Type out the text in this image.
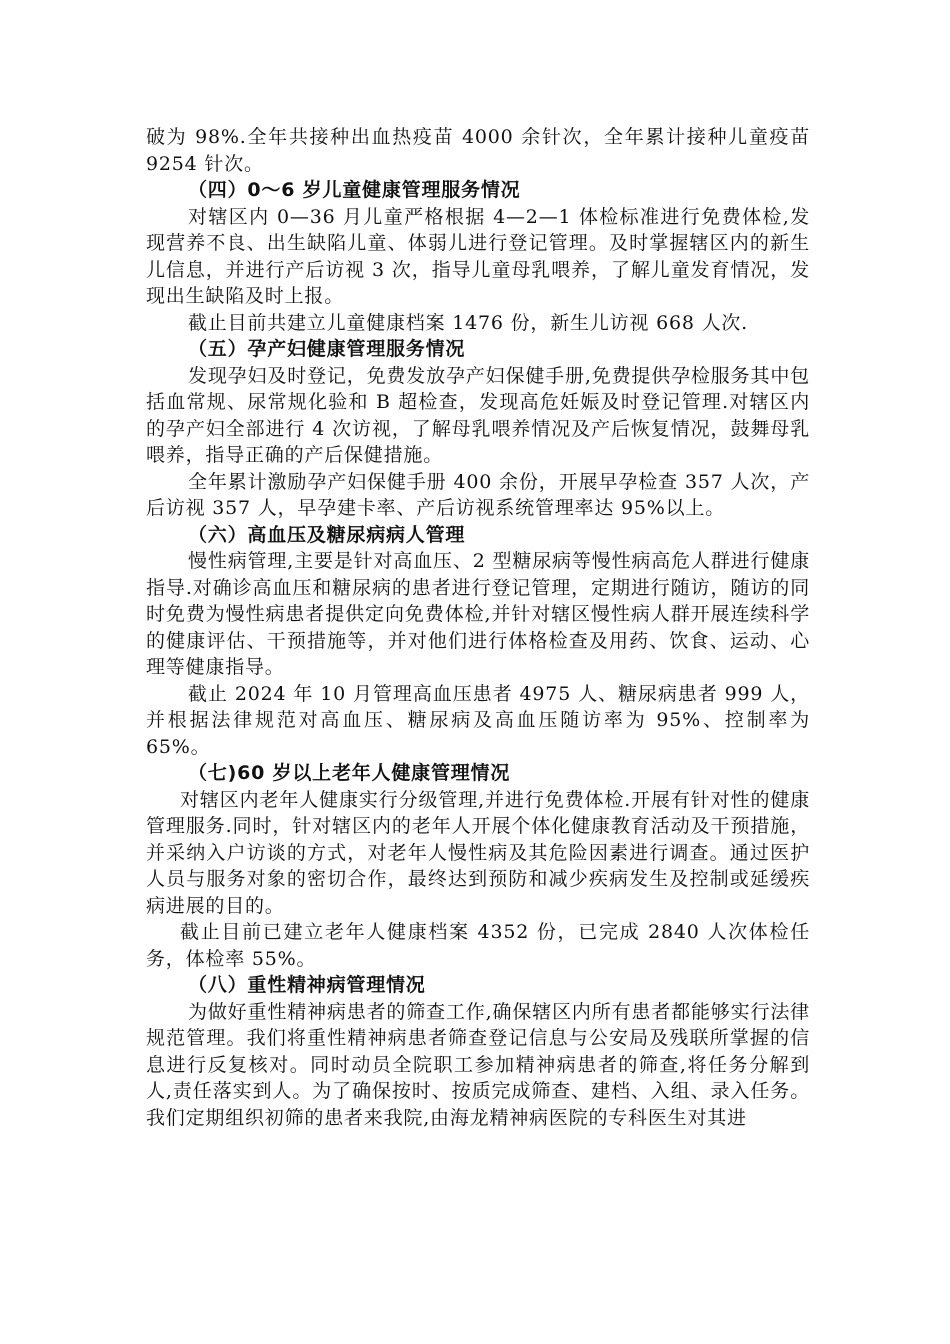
破为 98%.全年共接种出血热疫苗 4000 余针次，全年累计接种儿童疫苗 9254 针次。

（四）0～6 岁儿童健康管理服务情况

对辖区内 0—36 月儿童严格根据 4—2—1 体检标准进行免费体检,发现营养不良、出生缺陷儿童、体弱儿进行登记管理。及时掌握辖区内的新生儿信息，并进行产后访视 3 次，指导儿童母乳喂养，了解儿童发育情况，发现出生缺陷及时上报。

截止目前共建立儿童健康档案 1476 份，新生儿访视 668 人次.

（五）孕产妇健康管理服务情况

发现孕妇及时登记，免费发放孕产妇保健手册,免费提供孕检服务其中包括血常规、尿常规化验和 B 超检查，发现高危妊娠及时登记管理.对辖区内的孕产妇全部进行 4 次访视，了解母乳喂养情况及产后恢复情况，鼓舞母乳喂养，指导正确的产后保健措施。

全年累计激励孕产妇保健手册 400 余份，开展早孕检查 357 人次，产后访视 357 人，早孕建卡率、产后访视系统管理率达 95%以上。

（六）高血压及糖尿病病人管理

慢性病管理,主要是针对高血压、2 型糖尿病等慢性病高危人群进行健康指导.对确诊高血压和糖尿病的患者进行登记管理，定期进行随访，随访的同时免费为慢性病患者提供定向免费体检,并针对辖区慢性病人群开展连续科学的健康评估、干预措施等，并对他们进行体格检查及用药、饮食、运动、心理等健康指导。

截止 2024 年 10 月管理高血压患者 4975 人、糖尿病患者 999 人，并根据法律规范对高血压、糖尿病及高血压随访率为 95%、控制率为 65%。

（七)60 岁以上老年人健康管理情况

对辖区内老年人健康实行分级管理,并进行免费体检.开展有针对性的健康管理服务.同时，针对辖区内的老年人开展个体化健康教育活动及干预措施，并采纳入户访谈的方式，对老年人慢性病及其危险因素进行调查。通过医护人员与服务对象的密切合作，最终达到预防和减少疾病发生及控制或延缓疾病进展的目的。

截止目前已建立老年人健康档案 4352 份，已完成 2840 人次体检任务，体检率 55%。

（八）重性精神病管理情况

为做好重性精神病患者的筛查工作,确保辖区内所有患者都能够实行法律规范管理。我们将重性精神病患者筛查登记信息与公安局及残联所掌握的信息进行反复核对。同时动员全院职工参加精神病患者的筛查,将任务分解到人,责任落实到人。为了确保按时、按质完成筛查、建档、入组、录入任务。我们定期组织初筛的患者来我院,由海龙精神病医院的专科医生对其进
